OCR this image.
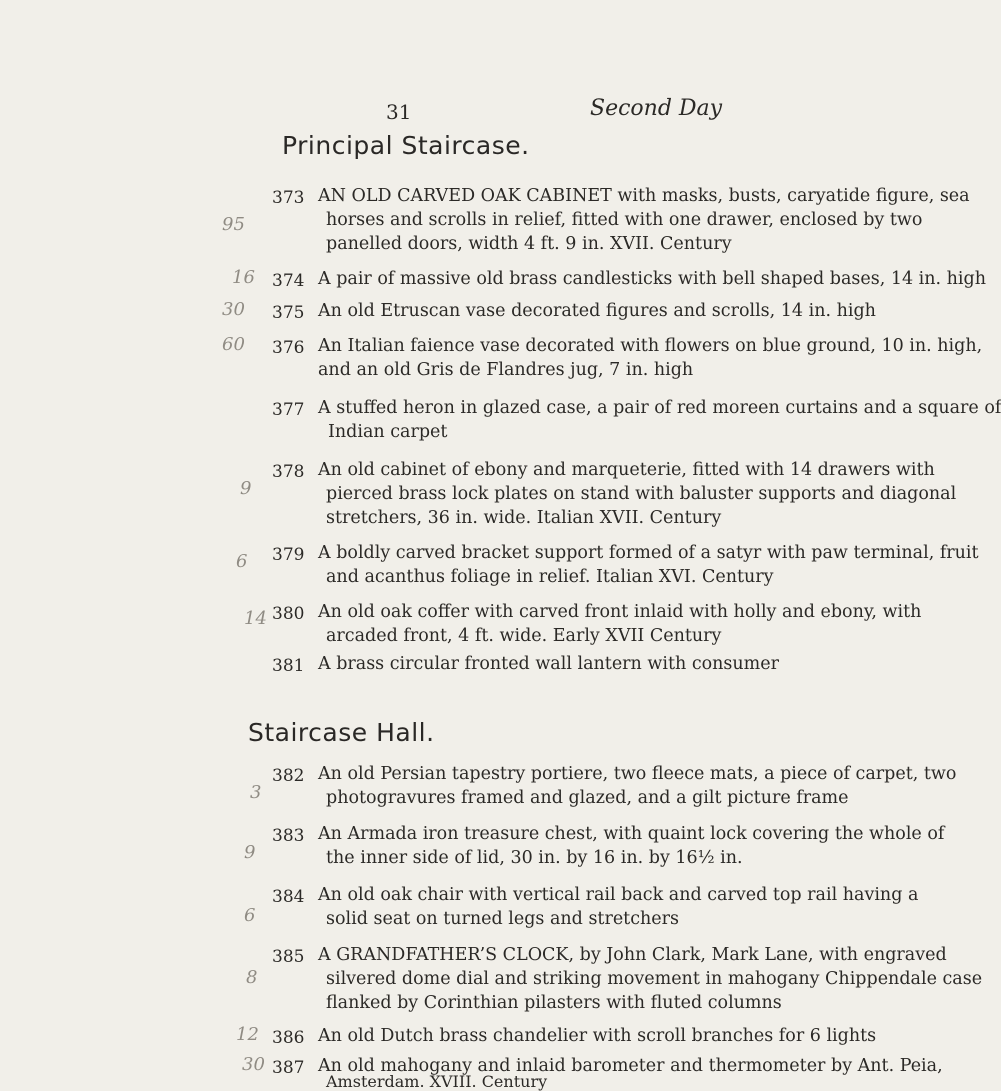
31	Second Day
Principal Staircase.
373 AN OLD CARVED OAK CABINET with masks, busts, caryatide figure, sea
horses and scrolls in relief, fitted with one drawer, enclosed by two
panelled doors, width 4 ft. 9 in. XVII. Century
374 A pair of massive old brass candlesticks with bell shaped bases, 14 in. high
375 An old Etruscan vase decorated figures and scrolls, 14 in. high
376 An Italian faience vase decorated with flowers on blue ground, 10 in. high,
and an old Gris de Flandres jug, 7 in. high
377 A stuffed heron in glazed case, a pair of red moreen curtains and a square of
Indian carpet
378 An old cabinet of ebony and marqueterie, fitted with 14 drawers with
pierced brass lock plates on stand with baluster supports and diagonal
stretchers, 36 in. wide. Italian XVII. Century
379 A boldly carved bracket support formed of a satyr with paw terminal, fruit
and acanthus foliage in relief. Italian XVI. Century
380 An old oak coffer with carved front inlaid with holly and ebony, with
arcaded front, 4 ft. wide. Early XVII Century
381 A brass circular fronted wall lantern with consumer
Staircase Hall.
382 An old Persian tapestry portiere, two fleece mats, a piece of carpet, two
photogravures framed and glazed, and a gilt picture frame
383 An Armada iron treasure chest, with quaint lock covering the whole of
the inner side of lid, 30 in. by 16 in. by 16½ in.
384 An old oak chair with vertical rail back and carved top rail having a
solid seat on turned legs and stretchers
385 A GRANDFATHER’S CLOCK, by John Clark, Mark Lane, with engraved
silvered dome dial and striking movement in mahogany Chippendale case
flanked by Corinthian pilasters with fluted columns
386 An old Dutch brass chandelier with scroll branches for 6 lights
387 An old mahogany and inlaid barometer and thermometer by Ant. Peia,
Amsterdam. XVIII. Century
95
16
30
60
9
6
14
3
9
6
8
12
30
